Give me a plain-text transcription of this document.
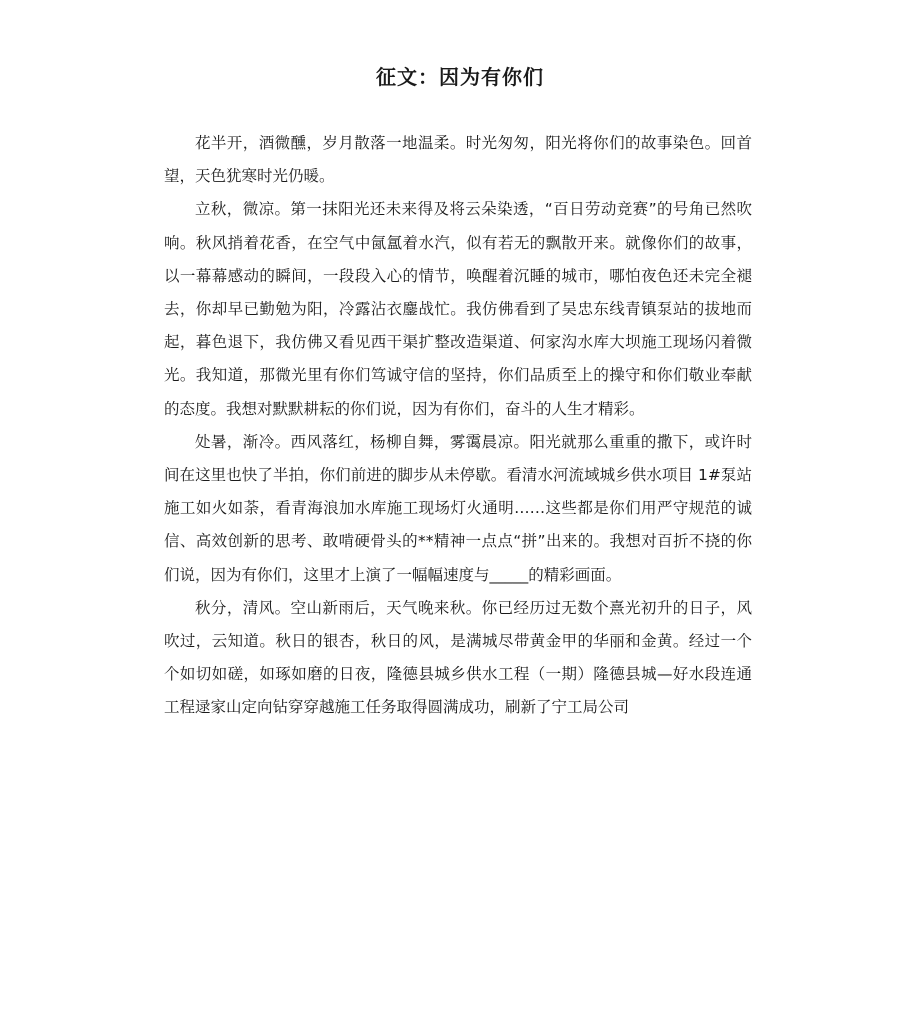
征文：因为有你们

花半开，酒微醺，岁月散落一地温柔。时光匆匆，阳光将你们的故事染色。回首望，天色犹寒时光仍暖。

立秋，微凉。第一抹阳光还未来得及将云朵染透，“百日劳动竞赛”的号角已然吹响。秋风捎着花香，在空气中氤氲着水汽，似有若无的飘散开来。就像你们的故事，以一幕幕感动的瞬间，一段段入心的情节，唤醒着沉睡的城市，哪怕夜色还未完全褪去，你却早已勤勉为阳，冷露沾衣鏖战忙。我仿佛看到了吴忠东线青镇泵站的拔地而起，暮色退下，我仿佛又看见西干渠扩整改造渠道、何家沟水库大坝施工现场闪着微光。我知道，那微光里有你们笃诚守信的坚持，你们品质至上的操守和你们敬业奉献的态度。我想对默默耕耘的你们说，因为有你们，奋斗的人生才精彩。

处暑，渐冷。西风落红，杨柳自舞，雾霭晨凉。阳光就那么重重的撒下，或许时间在这里也快了半拍，你们前进的脚步从未停歇。看清水河流域城乡供水项目 1#泵站施工如火如荼，看青海浪加水库施工现场灯火通明……这些都是你们用严守规范的诚信、高效创新的思考、敢啃硬骨头的**精神一点点“拼”出来的。我想对百折不挠的你们说，因为有你们，这里才上演了一幅幅速度与_____的精彩画面。

秋分，清风。空山新雨后，天气晚来秋。你已经历过无数个熹光初升的日子，风吹过，云知道。秋日的银杏，秋日的风，是满城尽带黄金甲的华丽和金黄。经过一个个如切如磋，如琢如磨的日夜，隆德县城乡供水工程（一期）隆德县城—好水段连通工程逯家山定向钻穿穿越施工任务取得圆满成功，刷新了宁工局公司
